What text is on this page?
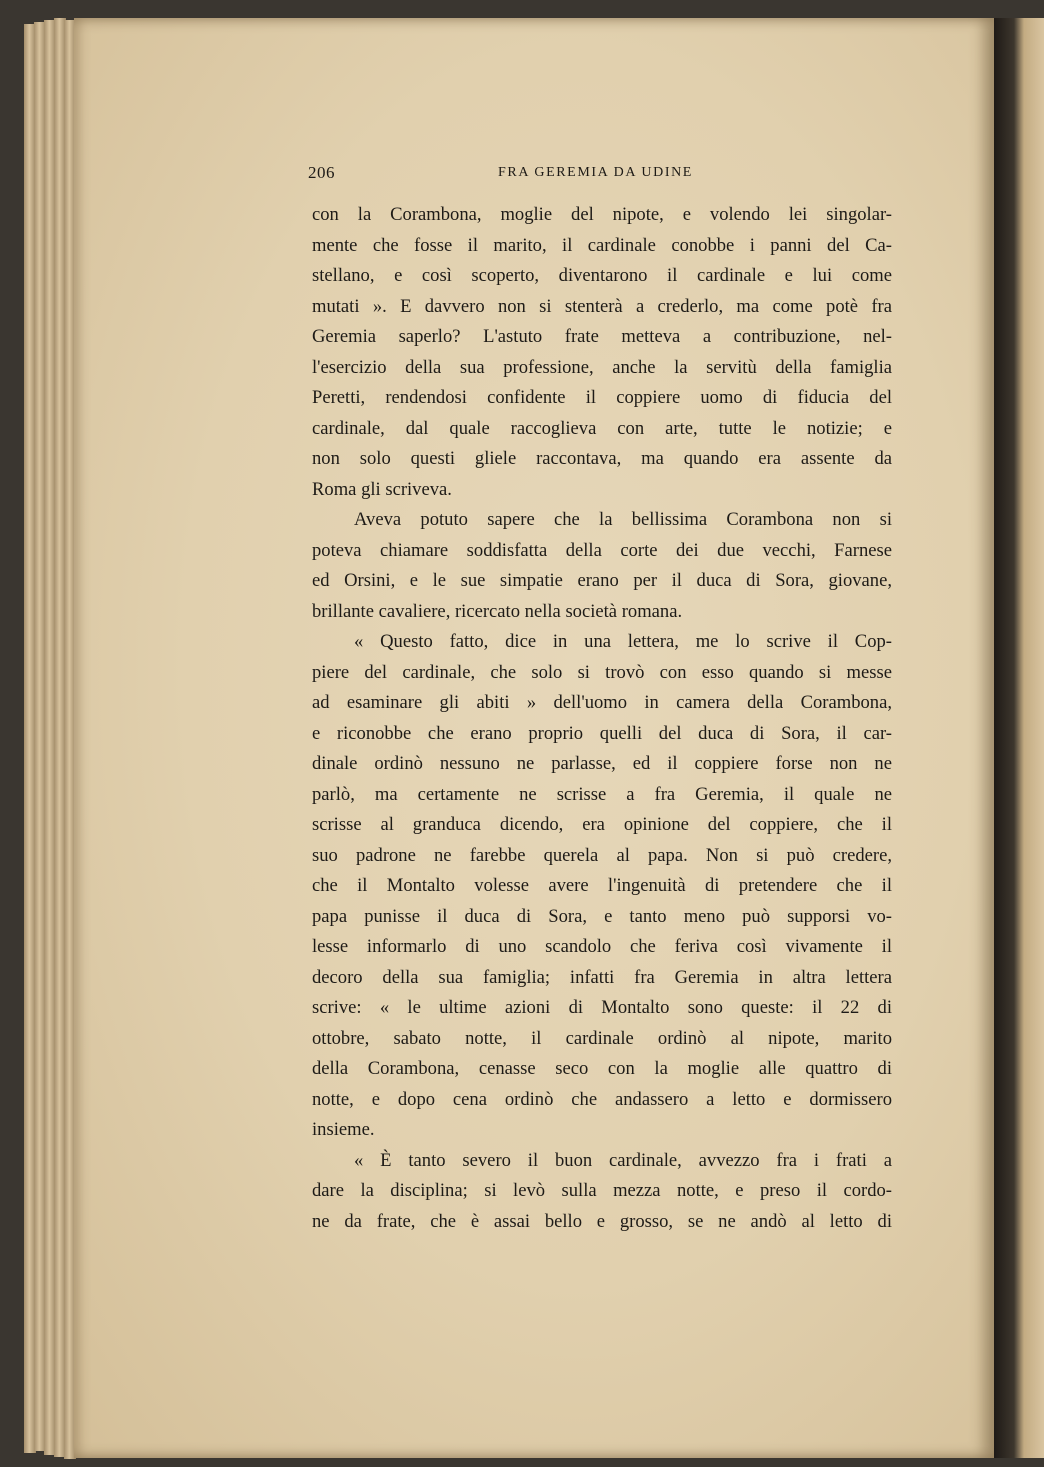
206	FRA GEREMIA DA UDINE
con la Corambona, moglie del nipote, e volendo lei singolar-
mente che fosse il marito, il cardinale conobbe i panni del Ca-
stellano, e così scoperto, diventarono il cardinale e lui come
mutati ». E davvero non si stenterà a crederlo, ma come potè fra
Geremia saperlo? L'astuto frate metteva a contribuzione, nel-
l'esercizio della sua professione, anche la servitù della famiglia
Peretti, rendendosi confidente il coppiere uomo di fiducia del
cardinale, dal quale raccoglieva con arte, tutte le notizie; e
non solo questi gliele raccontava, ma quando era assente da
Roma gli scriveva.
Aveva potuto sapere che la bellissima Corambona non si
poteva chiamare soddisfatta della corte dei due vecchi, Farnese
ed Orsini, e le sue simpatie erano per il duca di Sora, giovane,
brillante cavaliere, ricercato nella società romana.
« Questo fatto, dice in una lettera, me lo scrive il Cop-
piere del cardinale, che solo si trovò con esso quando si messe
ad esaminare gli abiti » dell'uomo in camera della Corambona,
e riconobbe che erano proprio quelli del duca di Sora, il car-
dinale ordinò nessuno ne parlasse, ed il coppiere forse non ne
parlò, ma certamente ne scrisse a fra Geremia, il quale ne
scrisse al granduca dicendo, era opinione del coppiere, che il
suo padrone ne farebbe querela al papa. Non si può credere,
che il Montalto volesse avere l'ingenuità di pretendere che il
papa punisse il duca di Sora, e tanto meno può supporsi vo-
lesse informarlo di uno scandolo che feriva così vivamente il
decoro della sua famiglia; infatti fra Geremia in altra lettera
scrive: « le ultime azioni di Montalto sono queste: il 22 di
ottobre, sabato notte, il cardinale ordinò al nipote, marito
della Corambona, cenasse seco con la moglie alle quattro di
notte, e dopo cena ordinò che andassero a letto e dormissero
insieme.
« È tanto severo il buon cardinale, avvezzo fra i frati a
dare la disciplina; si levò sulla mezza notte, e preso il cordo-
ne da frate, che è assai bello e grosso, se ne andò al letto di
